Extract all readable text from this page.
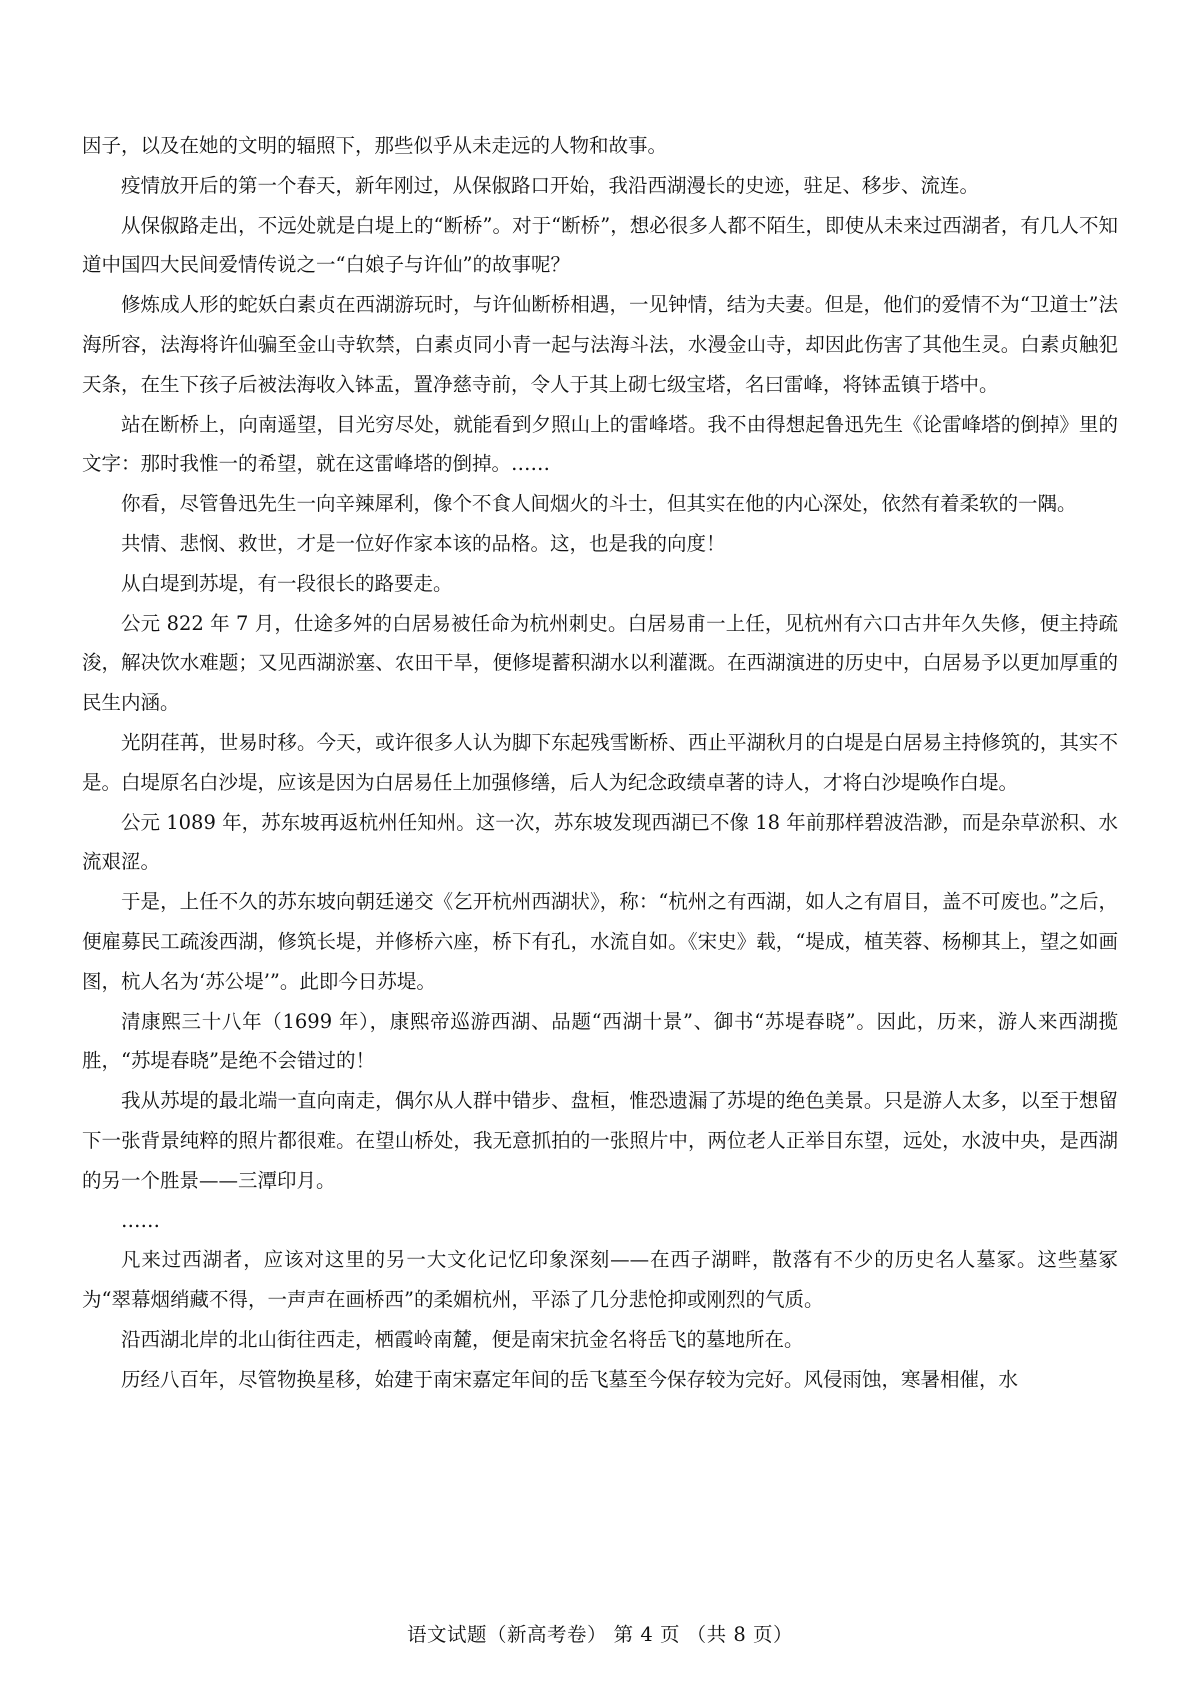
因子，以及在她的文明的辐照下，那些似乎从未走远的人物和故事。

疫情放开后的第一个春天，新年刚过，从保俶路口开始，我沿西湖漫长的史迹，驻足、移步、流连。

从保俶路走出，不远处就是白堤上的“断桥”。对于“断桥”，想必很多人都不陌生，即使从未来过西湖者，有几人不知道中国四大民间爱情传说之一“白娘子与许仙”的故事呢？

修炼成人形的蛇妖白素贞在西湖游玩时，与许仙断桥相遇，一见钟情，结为夫妻。但是，他们的爱情不为“卫道士”法海所容，法海将许仙骗至金山寺软禁，白素贞同小青一起与法海斗法，水漫金山寺，却因此伤害了其他生灵。白素贞触犯天条，在生下孩子后被法海收入钵盂，置净慈寺前，令人于其上砌七级宝塔，名曰雷峰，将钵盂镇于塔中。

站在断桥上，向南遥望，目光穷尽处，就能看到夕照山上的雷峰塔。我不由得想起鲁迅先生《论雷峰塔的倒掉》里的文字：那时我惟一的希望，就在这雷峰塔的倒掉。……

你看，尽管鲁迅先生一向辛辣犀利，像个不食人间烟火的斗士，但其实在他的内心深处，依然有着柔软的一隅。

共情、悲悯、救世，才是一位好作家本该的品格。这，也是我的向度！

从白堤到苏堤，有一段很长的路要走。

公元 822 年 7 月，仕途多舛的白居易被任命为杭州刺史。白居易甫一上任，见杭州有六口古井年久失修，便主持疏浚，解决饮水难题；又见西湖淤塞、农田干旱，便修堤蓄积湖水以利灌溉。在西湖演进的历史中，白居易予以更加厚重的民生内涵。

光阴荏苒，世易时移。今天，或许很多人认为脚下东起残雪断桥、西止平湖秋月的白堤是白居易主持修筑的，其实不是。白堤原名白沙堤，应该是因为白居易任上加强修缮，后人为纪念政绩卓著的诗人，才将白沙堤唤作白堤。

公元 1089 年，苏东坡再返杭州任知州。这一次，苏东坡发现西湖已不像 18 年前那样碧波浩渺，而是杂草淤积、水流艰涩。

于是，上任不久的苏东坡向朝廷递交《乞开杭州西湖状》，称：“杭州之有西湖，如人之有眉目，盖不可废也。”之后，便雇募民工疏浚西湖，修筑长堤，并修桥六座，桥下有孔，水流自如。《宋史》载，“堤成，植芙蓉、杨柳其上，望之如画图，杭人名为‘苏公堤’”。此即今日苏堤。

清康熙三十八年（1699 年），康熙帝巡游西湖、品题“西湖十景”、御书“苏堤春晓”。因此，历来，游人来西湖揽胜，“苏堤春晓”是绝不会错过的！

我从苏堤的最北端一直向南走，偶尔从人群中错步、盘桓，惟恐遗漏了苏堤的绝色美景。只是游人太多，以至于想留下一张背景纯粹的照片都很难。在望山桥处，我无意抓拍的一张照片中，两位老人正举目东望，远处，水波中央，是西湖的另一个胜景——三潭印月。

……

凡来过西湖者，应该对这里的另一大文化记忆印象深刻——在西子湖畔，散落有不少的历史名人墓冢。这些墓冢为“翠幕烟绡藏不得，一声声在画桥西”的柔媚杭州，平添了几分悲怆抑或刚烈的气质。

沿西湖北岸的北山街往西走，栖霞岭南麓，便是南宋抗金名将岳飞的墓地所在。

历经八百年，尽管物换星移，始建于南宋嘉定年间的岳飞墓至今保存较为完好。风侵雨蚀，寒暑相催，水

语文试题（新高考卷） 第 4 页 （共 8 页）
